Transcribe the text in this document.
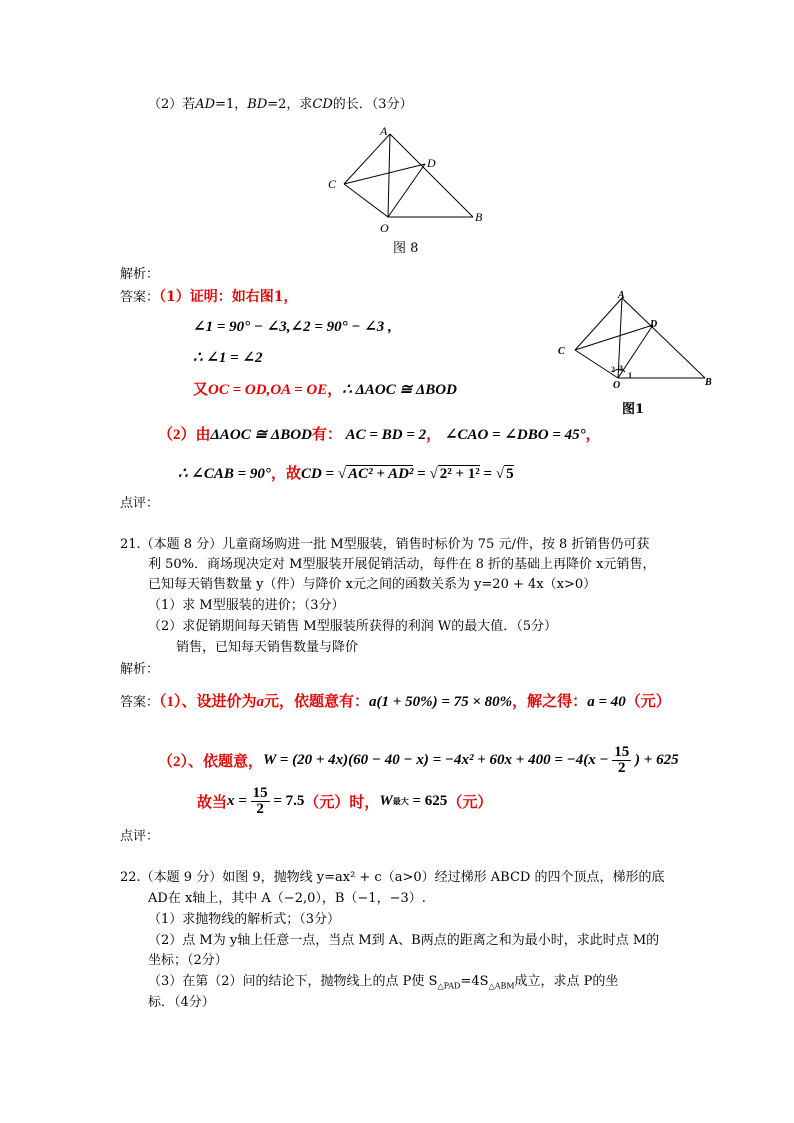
（2）若AD=1，BD=2，求CD的长．（3分）
A
D
C
O
B
图 8
解析：
答案：（1）证明：如右图1，
∠1 = 90° − ∠3,∠2 = 90° − ∠3 ,
∴ ∠1 = ∠2
又OC = OD,OA = OE，∴ ΔAOC ≅ ΔBOD
A
D
C
2 3
1
O	B
图1
（2）由ΔAOC ≅ ΔBOD有： AC = BD = 2， ∠CAO = ∠DBO = 45°，
∴ ∠CAB = 90°，故CD = √ AC² + AD² = √ 2² + 1² = √ 5
点评：
21.（本题 8 分）儿童商场购进一批 M型服装，销售时标价为 75 元/件，按 8 折销售仍可获
利 50%．商场现决定对 M型服装开展促销活动，每件在 8 折的基础上再降价 x元销售，
已知每天销售数量 y（件）与降价 x元之间的函数关系为 y=20 + 4x（x>0）
（1）求 M型服装的进价；（3分）
（2）求促销期间每天销售 M型服装所获得的利润 W的最大值．（5分）
销售，已知每天销售数量与降价
解析：
答案：（1）、设进价为a元，依题意有：a(1 + 50%) = 75 × 80%，解之得：a = 40（元）
（2）、依题意，$W = (20 + 4x)(60 - 40 - x) = -4x^2 + 60x + 400 = -4(x - \frac{15}{2}$ ) + 625
故当$x = \frac{15}{2} = 7.5$（元）时，W最大 = 625（元）
点评：
22.（本题 9 分）如图 9，抛物线 y=ax² + c（a>0）经过梯形 ABCD 的四个顶点，梯形的底
AD在 x轴上，其中 A（−2,0），B（−1，−3）.
（1）求抛物线的解析式；（3分）
（2）点 M为 y轴上任意一点，当点 M到 A、B两点的距离之和为最小时，求此时点 M的
坐标；（2分）
（3）在第（2）问的结论下，抛物线上的点 P使 $S_{\triangle PAD}=4S_{\triangle ABM}$成立，求点 P的坐
标．（4分）
